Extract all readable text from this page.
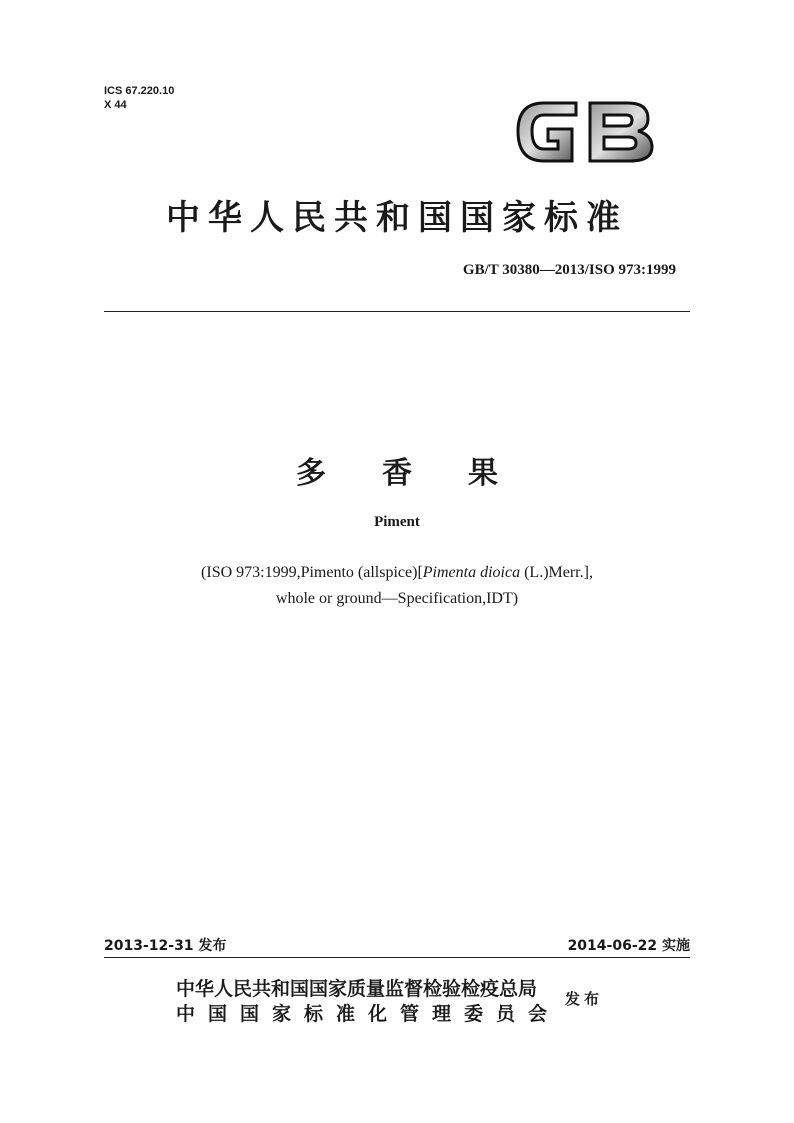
ICS 67.220.10
X 44
中华人民共和国国家标准
GB/T 30380—2013/ISO 973:1999
多 香 果
Piment
(ISO 973:1999,Pimento (allspice)[Pimenta dioica (L.)Merr.],
whole or ground—Specification,IDT)
2013-12-31 发布	2014-06-22 实施
中华人民共和国国家质量监督检验检疫总局
中国国家标准化管理委员会
发布
